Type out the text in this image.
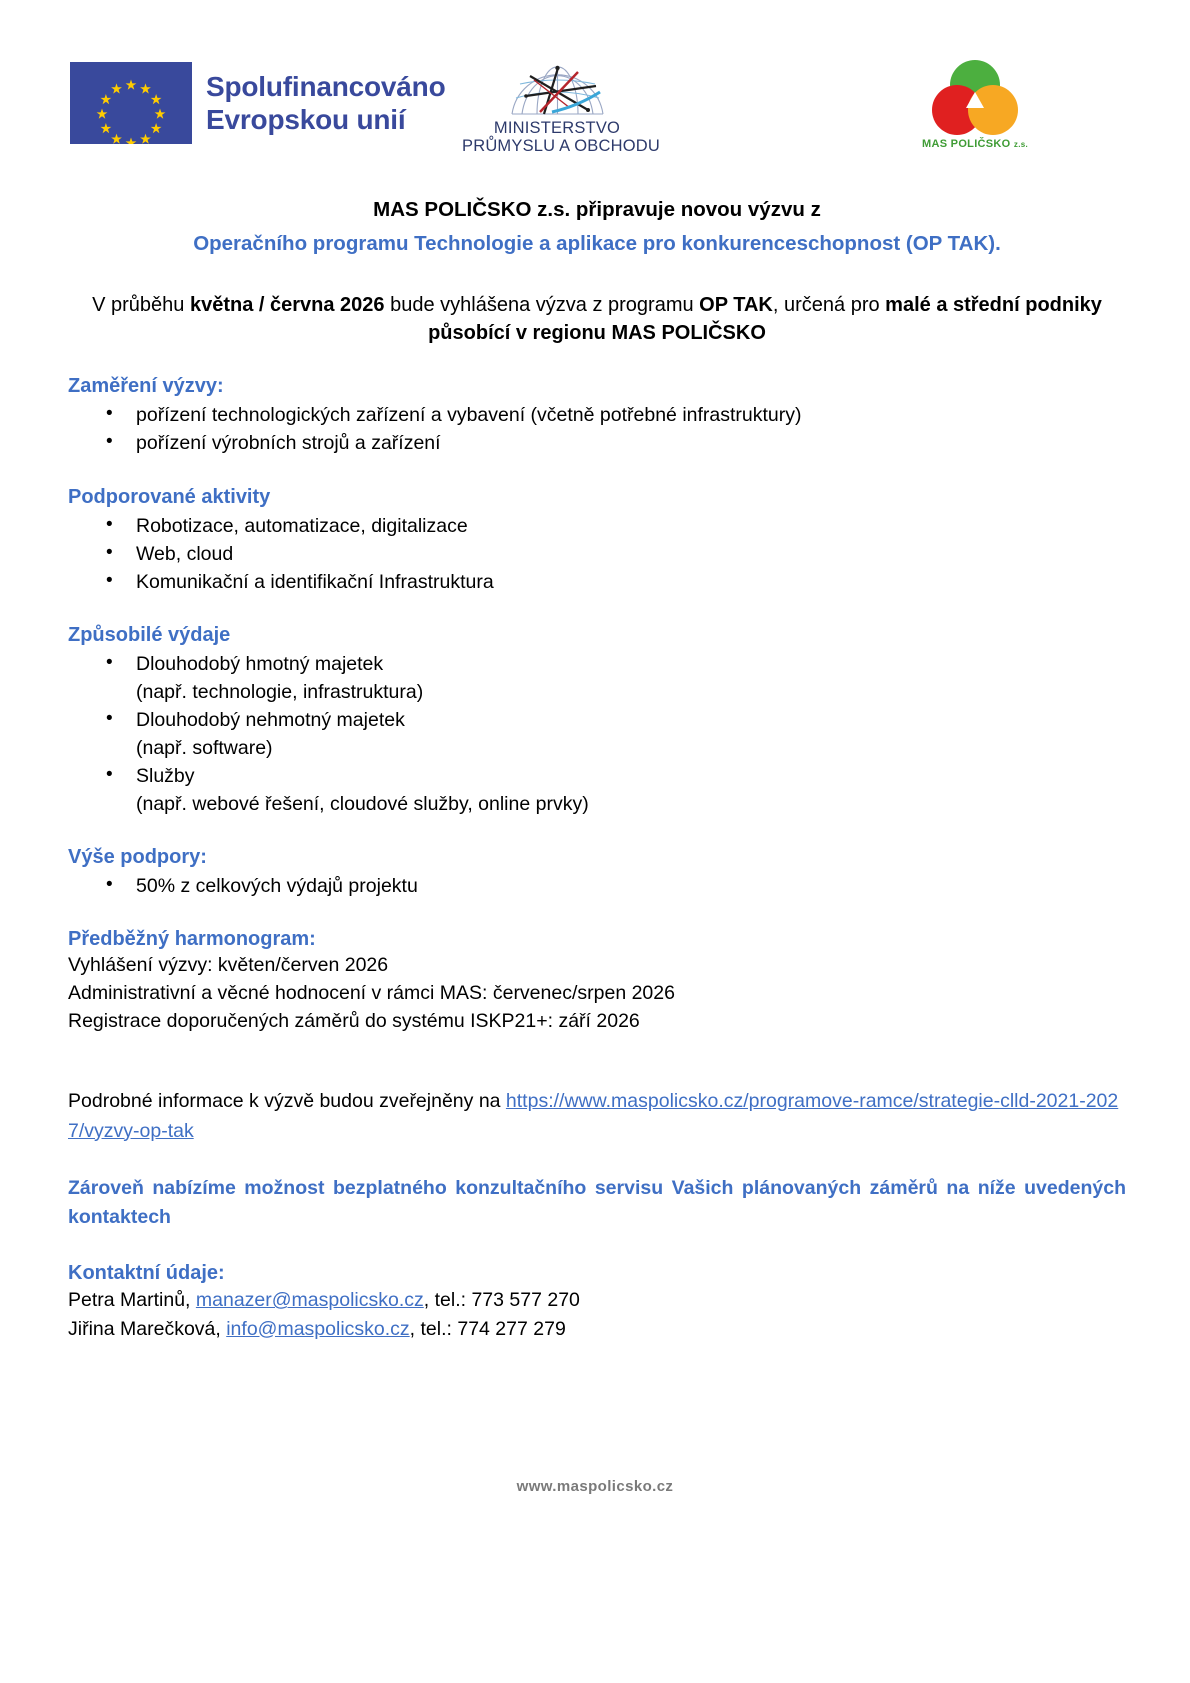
Spolufinancováno
Evropskou unií	MINISTERSTVO
PRŮMYSLU A OBCHODU	MAS POLIČSKO z.s.
MAS POLIČSKO z.s. připravuje novou výzvu z
Operačního programu Technologie a aplikace pro konkurenceschopnost (OP TAK).

V průběhu května / června 2026 bude vyhlášena výzva z programu OP TAK, určená pro malé a střední podniky působící v regionu MAS POLIČSKO

Zaměření výzvy:
• pořízení technologických zařízení a vybavení (včetně potřebné infrastruktury)
• pořízení výrobních strojů a zařízení
Podporované aktivity
• Robotizace, automatizace, digitalizace
• Web, cloud
• Komunikační a identifikační Infrastruktura
Způsobilé výdaje
• Dlouhodobý hmotný majetek
(např. technologie, infrastruktura)
• Dlouhodobý nehmotný majetek
(např. software)
• Služby
(např. webové řešení, cloudové služby, online prvky)
Výše podpory:
• 50% z celkových výdajů projektu
Předběžný harmonogram:
Vyhlášení výzvy: květen/červen 2026
Administrativní a věcné hodnocení v rámci MAS: červenec/srpen 2026
Registrace doporučených záměrů do systému ISKP21+: září 2026

Podrobné informace k výzvě budou zveřejněny na https://www.maspolicsko.cz/programove-ramce/strategie-clld-2021-2027/vyzvy-op-tak

Zároveň nabízíme možnost bezplatného konzultačního servisu Vašich plánovaných záměrů na níže uvedených kontaktech

Kontaktní údaje:
Petra Martinů, manazer@maspolicsko.cz, tel.: 773 577 270
Jiřina Marečková, info@maspolicsko.cz, tel.: 774 277 279
www.maspolicsko.cz
